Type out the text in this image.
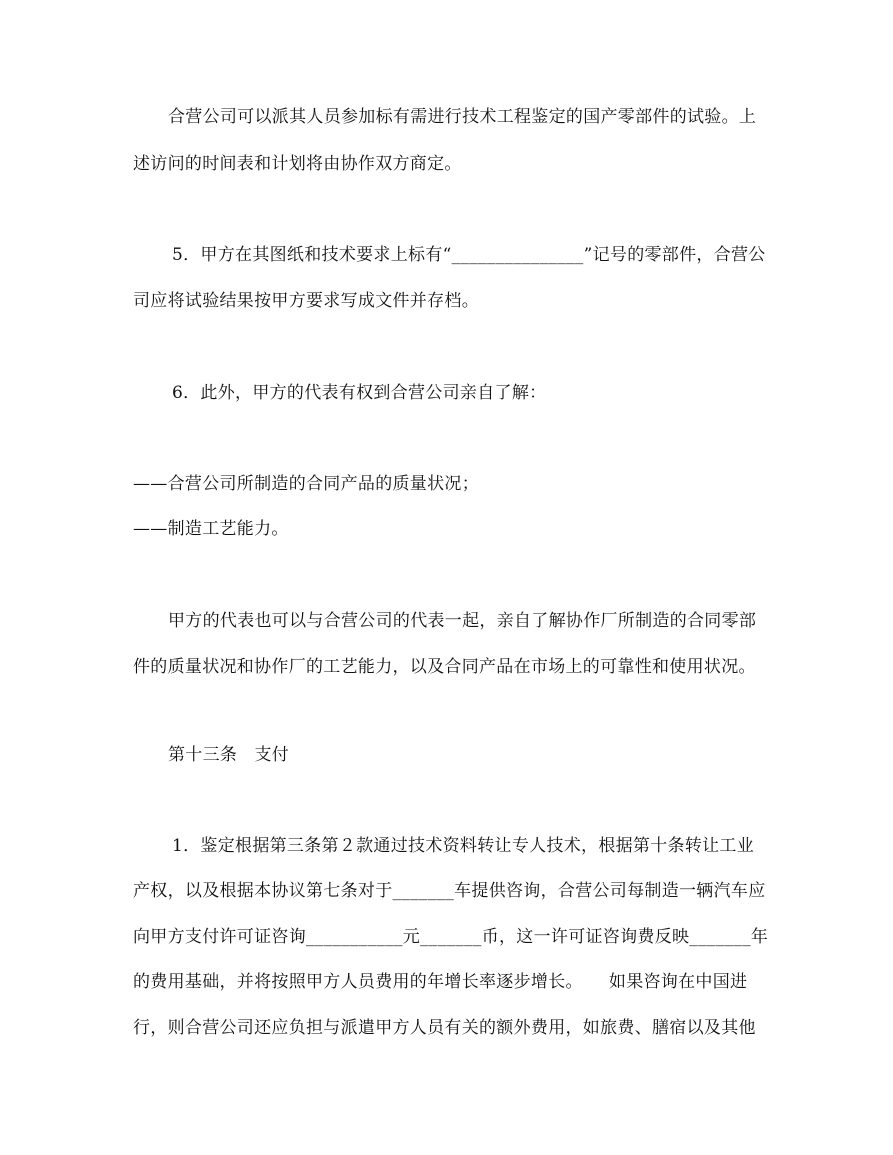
合营公司可以派其人员参加标有需进行技术工程鉴定的国产零部件的试验。上
述访问的时间表和计划将由协作双方商定。
5．甲方在其图纸和技术要求上标有“_______________”记号的零部件，合营公
司应将试验结果按甲方要求写成文件并存档。
6．此外，甲方的代表有权到合营公司亲自了解：
——合营公司所制造的合同产品的质量状况；
——制造工艺能力。
甲方的代表也可以与合营公司的代表一起，亲自了解协作厂所制造的合同零部
件的质量状况和协作厂的工艺能力，以及合同产品在市场上的可靠性和使用状况。
第十三条　支付
1．鉴定根据第三条第２款通过技术资料转让专人技术，根据第十条转让工业
产权，以及根据本协议第七条对于_______车提供咨询，合营公司每制造一辆汽车应
向甲方支付许可证咨询___________元_______币，这一许可证咨询费反映_______年
的费用基础，并将按照甲方人员费用的年增长率逐步增长。　　如果咨询在中国进
行，则合营公司还应负担与派遣甲方人员有关的额外费用，如旅费、膳宿以及其他
